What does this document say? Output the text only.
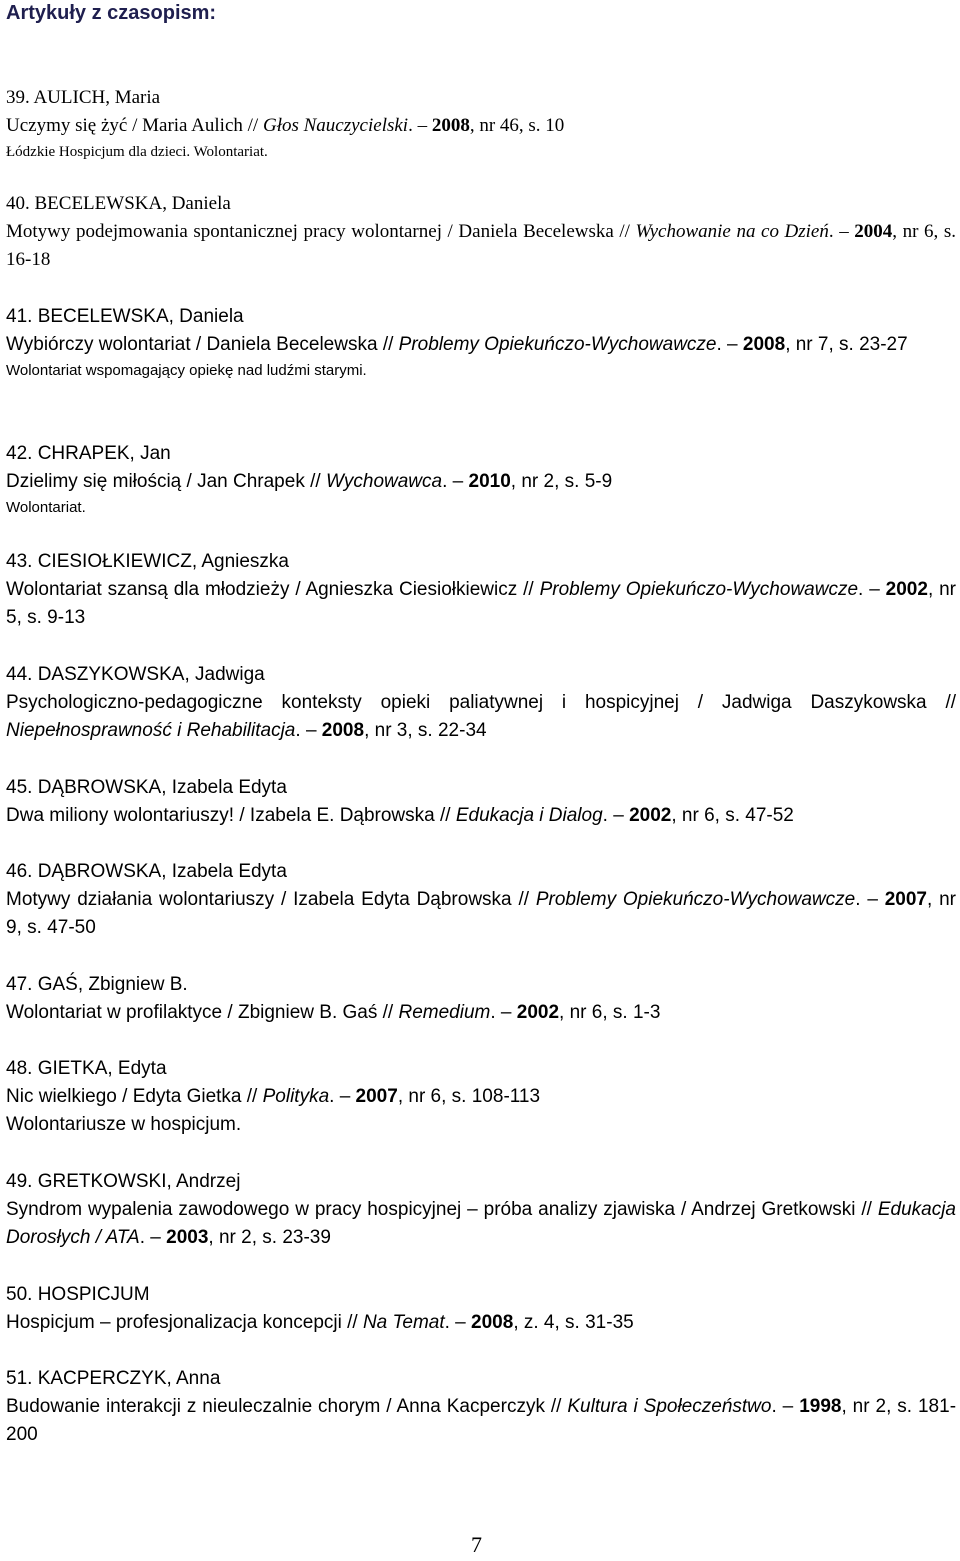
Artykuły z czasopism:
39. AULICH, Maria
Uczymy się żyć / Maria Aulich // Głos Nauczycielski. – 2008, nr 46, s. 10
Łódzkie Hospicjum dla dzieci. Wolontariat.
40. BECELEWSKA, Daniela
Motywy podejmowania spontanicznej pracy wolontarnej / Daniela Becelewska // Wychowanie na co Dzień. – 2004, nr 6, s. 16-18
41. BECELEWSKA, Daniela
Wybiórczy wolontariat / Daniela Becelewska // Problemy Opiekuńczo-Wychowawcze. – 2008, nr 7, s. 23-27
Wolontariat wspomagający opiekę nad ludźmi starymi.
42. CHRAPEK, Jan
Dzielimy się miłością / Jan Chrapek // Wychowawca. – 2010, nr 2, s. 5-9
Wolontariat.
43. CIESIOŁKIEWICZ, Agnieszka
Wolontariat szansą dla młodzieży / Agnieszka Ciesiołkiewicz // Problemy Opiekuńczo-Wychowawcze. – 2002, nr 5, s. 9-13
44. DASZYKOWSKA, Jadwiga
Psychologiczno-pedagogiczne konteksty opieki paliatywnej i hospicyjnej / Jadwiga Daszykowska // Niepełnosprawność i Rehabilitacja. – 2008, nr 3, s. 22-34
45. DĄBROWSKA, Izabela Edyta
Dwa miliony wolontariuszy! / Izabela E. Dąbrowska // Edukacja i Dialog. – 2002, nr 6, s. 47-52
46. DĄBROWSKA, Izabela Edyta
Motywy działania wolontariuszy / Izabela Edyta Dąbrowska // Problemy Opiekuńczo-Wychowawcze. – 2007, nr 9, s. 47-50
47. GAŚ, Zbigniew B.
Wolontariat w profilaktyce / Zbigniew B. Gaś // Remedium. – 2002, nr 6, s. 1-3
48. GIETKA, Edyta
Nic wielkiego / Edyta Gietka // Polityka. – 2007, nr 6, s. 108-113
Wolontariusze w hospicjum.
49. GRETKOWSKI, Andrzej
Syndrom wypalenia zawodowego w pracy hospicyjnej – próba analizy zjawiska / Andrzej Gretkowski // Edukacja Dorosłych / ATA. – 2003, nr 2, s. 23-39
50. HOSPICJUM
Hospicjum – profesjonalizacja koncepcji // Na Temat. – 2008, z. 4, s. 31-35
51. KACPERCZYK, Anna
Budowanie interakcji z nieuleczalnie chorym / Anna Kacperczyk // Kultura i Społeczeństwo. – 1998, nr 2, s. 181-200
7
